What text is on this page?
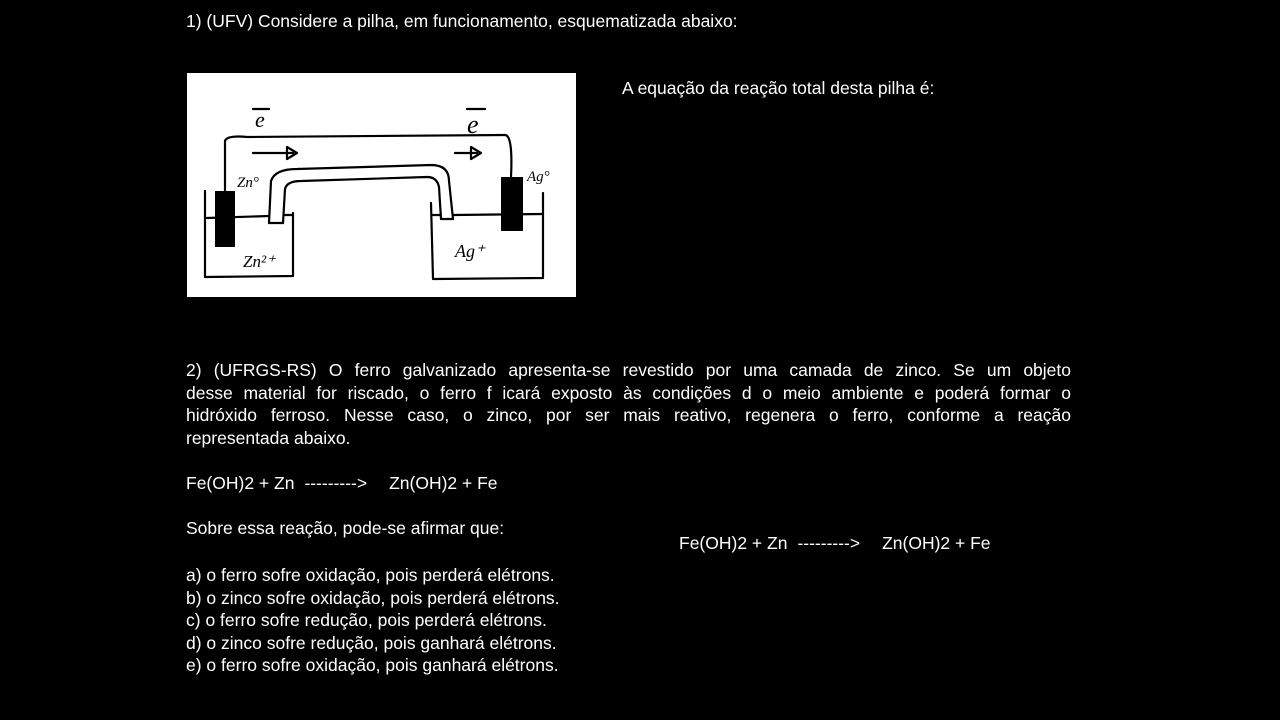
1) (UFV) Considere a pilha, em funcionamento, esquematizada abaixo:
e	e
Zn°	Ag°
Zn²⁺
Ag⁺
A equação da reação total desta pilha é:
2) (UFRGS-RS) O ferro galvanizado apresenta-se revestido por uma camada de zinco. Se um objeto
desse material for riscado, o ferro f icará exposto às condições d o meio ambiente e poderá formar o
hidróxido ferroso. Nesse caso, o zinco, por ser mais reativo, regenera o ferro, conforme a reação
representada abaixo.
Fe(OH)2 + Zn ---------> Zn(OH)2 + Fe
Sobre essa reação, pode-se afirmar que:
a) o ferro sofre oxidação, pois perderá elétrons.
b) o zinco sofre oxidação, pois perderá elétrons.
c) o ferro sofre redução, pois perderá elétrons.
d) o zinco sofre redução, pois ganhará elétrons.
e) o ferro sofre oxidação, pois ganhará elétrons.
Fe(OH)2 + Zn ---------> Zn(OH)2 + Fe
